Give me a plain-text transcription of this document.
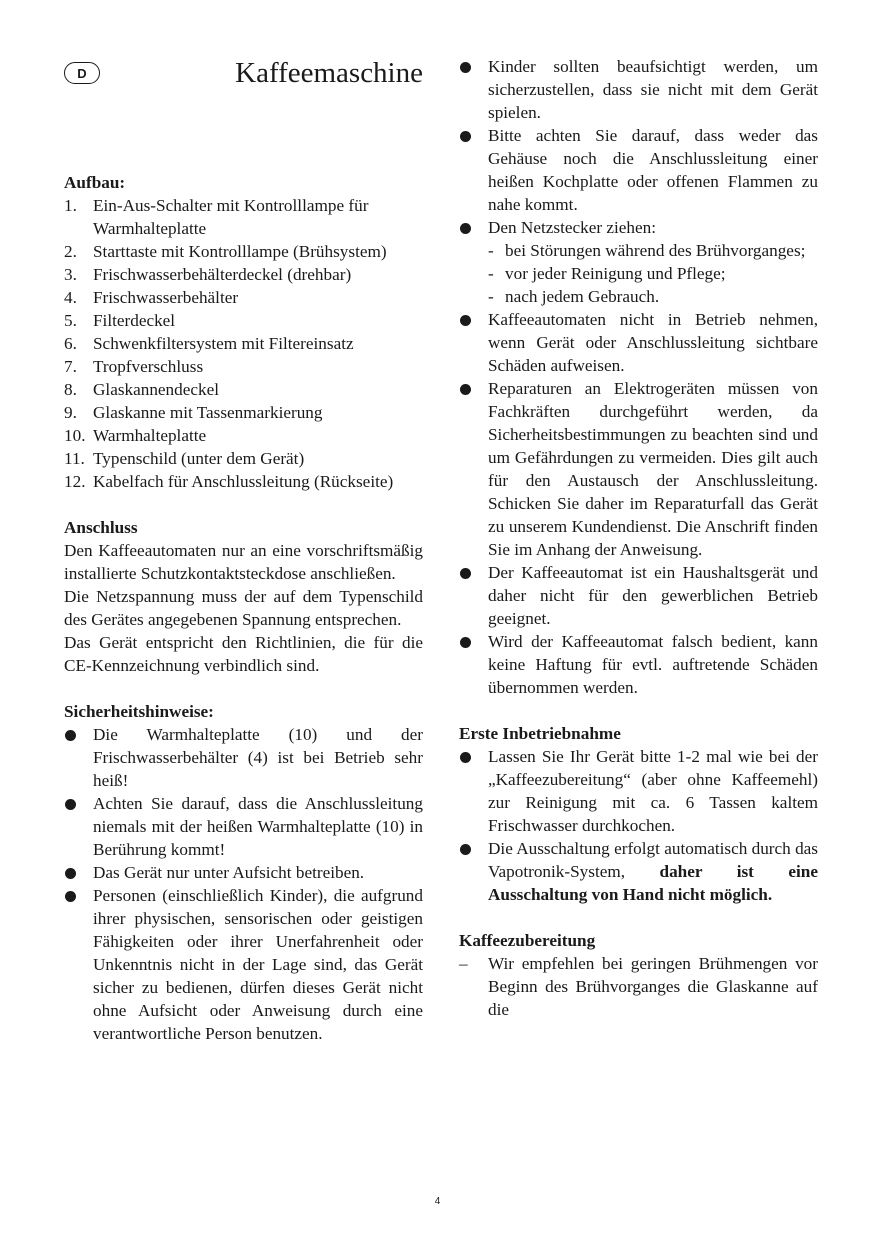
D	Kaffeemaschine
Aufbau:
1. Ein-Aus-Schalter mit Kontrolllampe für Warmhalteplatte
2. Starttaste mit Kontrolllampe (Brühsystem)
3. Frischwasserbehälterdeckel (drehbar)
4. Frischwasserbehälter
5. Filterdeckel
6. Schwenkfiltersystem mit Filtereinsatz
7. Tropfverschluss
8. Glaskannendeckel
9. Glaskanne mit Tassenmarkierung
10. Warmhalteplatte
11. Typenschild (unter dem Gerät)
12. Kabelfach für Anschlussleitung (Rückseite)
Anschluss
Den Kaffeeautomaten nur an eine vorschriftsmäßig installierte Schutzkontaktsteckdose anschließen.
Die Netzspannung muss der auf dem Typenschild des Gerätes angegebenen Spannung entsprechen.
Das Gerät entspricht den Richtlinien, die für die CE-Kennzeichnung verbindlich sind.
Sicherheitshinweise:
Die Warmhalteplatte (10) und der Frischwasserbehälter (4) ist bei Betrieb sehr heiß!
Achten Sie darauf, dass die Anschlussleitung niemals mit der heißen Warmhalteplatte (10) in Berührung kommt!
Das Gerät nur unter Aufsicht betreiben.
Personen (einschließlich Kinder), die aufgrund ihrer physischen, sensorischen oder geistigen Fähigkeiten oder ihrer Unerfahrenheit oder Unkenntnis nicht in der Lage sind, das Gerät sicher zu bedienen, dürfen dieses Gerät nicht ohne Aufsicht oder Anweisung durch eine verantwortliche Person benutzen.
Kinder sollten beaufsichtigt werden, um sicherzustellen, dass sie nicht mit dem Gerät spielen.
Bitte achten Sie darauf, dass weder das Gehäuse noch die Anschlussleitung einer heißen Kochplatte oder offenen Flammen zu nahe kommt.
Den Netzstecker ziehen:
- bei Störungen während des Brühvorganges;
- vor jeder Reinigung und Pflege;
- nach jedem Gebrauch.
Kaffeeautomaten nicht in Betrieb nehmen, wenn Gerät oder Anschlussleitung sichtbare Schäden aufweisen.
Reparaturen an Elektrogeräten müssen von Fachkräften durchgeführt werden, da Sicherheitsbestimmungen zu beachten sind und um Gefährdungen zu vermeiden. Dies gilt auch für den Austausch der Anschlussleitung. Schicken Sie daher im Reparaturfall das Gerät zu unserem Kundendienst. Die Anschrift finden Sie im Anhang der Anweisung.
Der Kaffeeautomat ist ein Haushaltsgerät und daher nicht für den gewerblichen Betrieb geeignet.
Wird der Kaffeeautomat falsch bedient, kann keine Haftung für evtl. auftretende Schäden übernommen werden.
Erste Inbetriebnahme
Lassen Sie Ihr Gerät bitte 1-2 mal wie bei der „Kaffeezubereitung“ (aber ohne Kaffeemehl) zur Reinigung mit ca. 6 Tassen kaltem Frischwasser durchkochen.
Die Ausschaltung erfolgt automatisch durch das Vapotronik-System, daher ist eine Ausschaltung von Hand nicht möglich.
Kaffeezubereitung
–	Wir empfehlen bei geringen Brühmengen vor Beginn des Brühvorganges die Glaskanne auf die
4
